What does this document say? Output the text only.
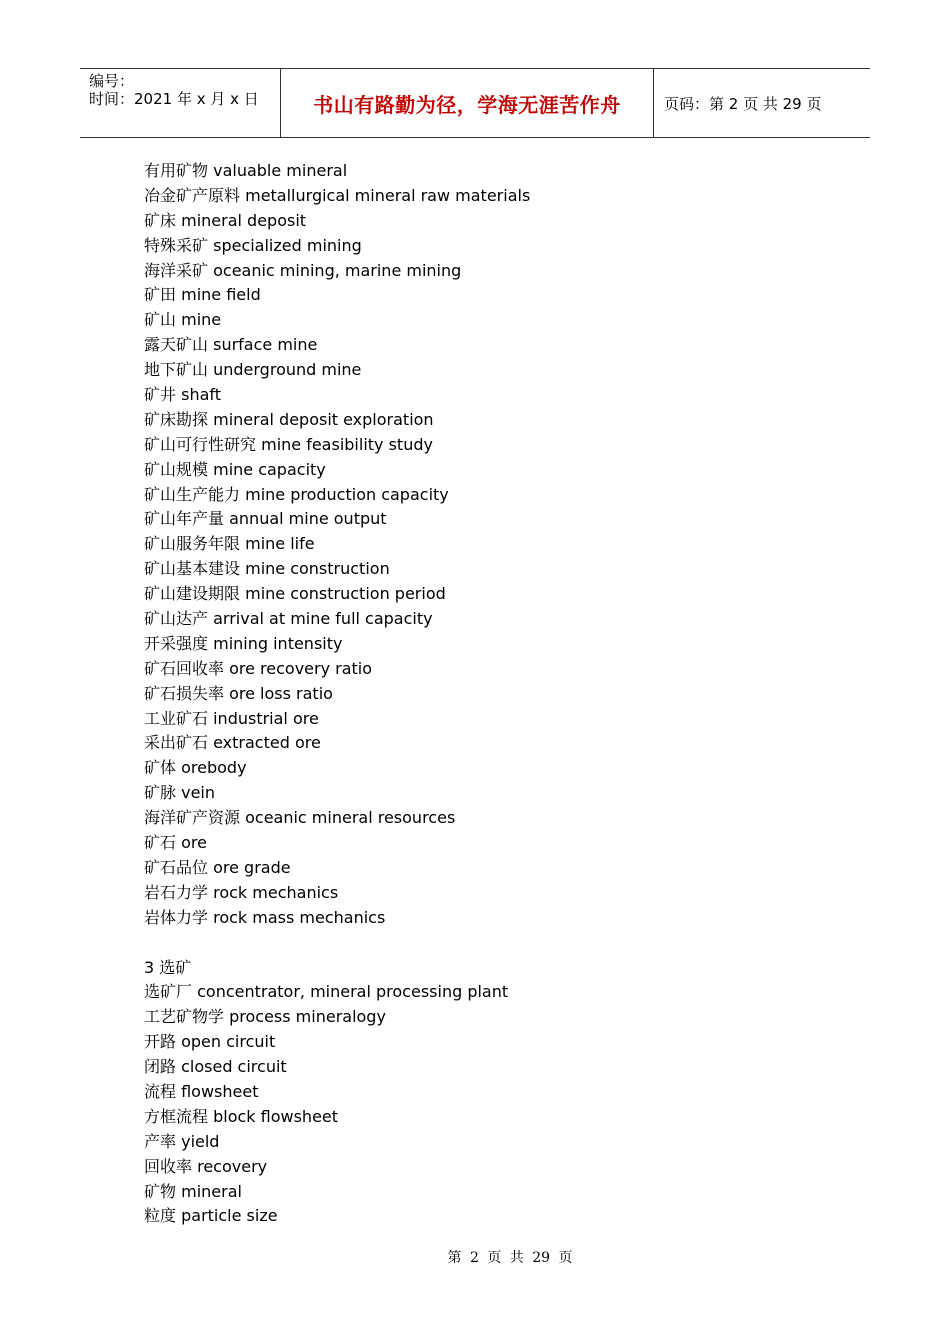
编号：
时间：2021 年 x 月 x 日	书山有路勤为径，学海无涯苦作舟	页码：第 2 页 共 29 页
有用矿物 valuable mineral
冶金矿产原料 metallurgical mineral raw materials
矿床 mineral deposit
特殊采矿 specialized mining
海洋采矿 oceanic mining, marine mining
矿田 mine field
矿山 mine
露天矿山 surface mine
地下矿山 underground mine
矿井 shaft
矿床勘探 mineral deposit exploration
矿山可行性研究 mine feasibility study
矿山规模 mine capacity
矿山生产能力 mine production capacity
矿山年产量 annual mine output
矿山服务年限 mine life
矿山基本建设 mine construction
矿山建设期限 mine construction period
矿山达产 arrival at mine full capacity
开采强度 mining intensity
矿石回收率 ore recovery ratio
矿石损失率 ore loss ratio
工业矿石 industrial ore
采出矿石 extracted ore
矿体 orebody
矿脉 vein
海洋矿产资源 oceanic mineral resources
矿石 ore
矿石品位 ore grade
岩石力学 rock mechanics
岩体力学 rock mass mechanics
3 选矿
选矿厂 concentrator, mineral processing plant
工艺矿物学 process mineralogy
开路 open circuit
闭路 closed circuit
流程 flowsheet
方框流程 block flowsheet
产率 yield
回收率 recovery
矿物 mineral
粒度 particle size
第 2 页 共 29 页
